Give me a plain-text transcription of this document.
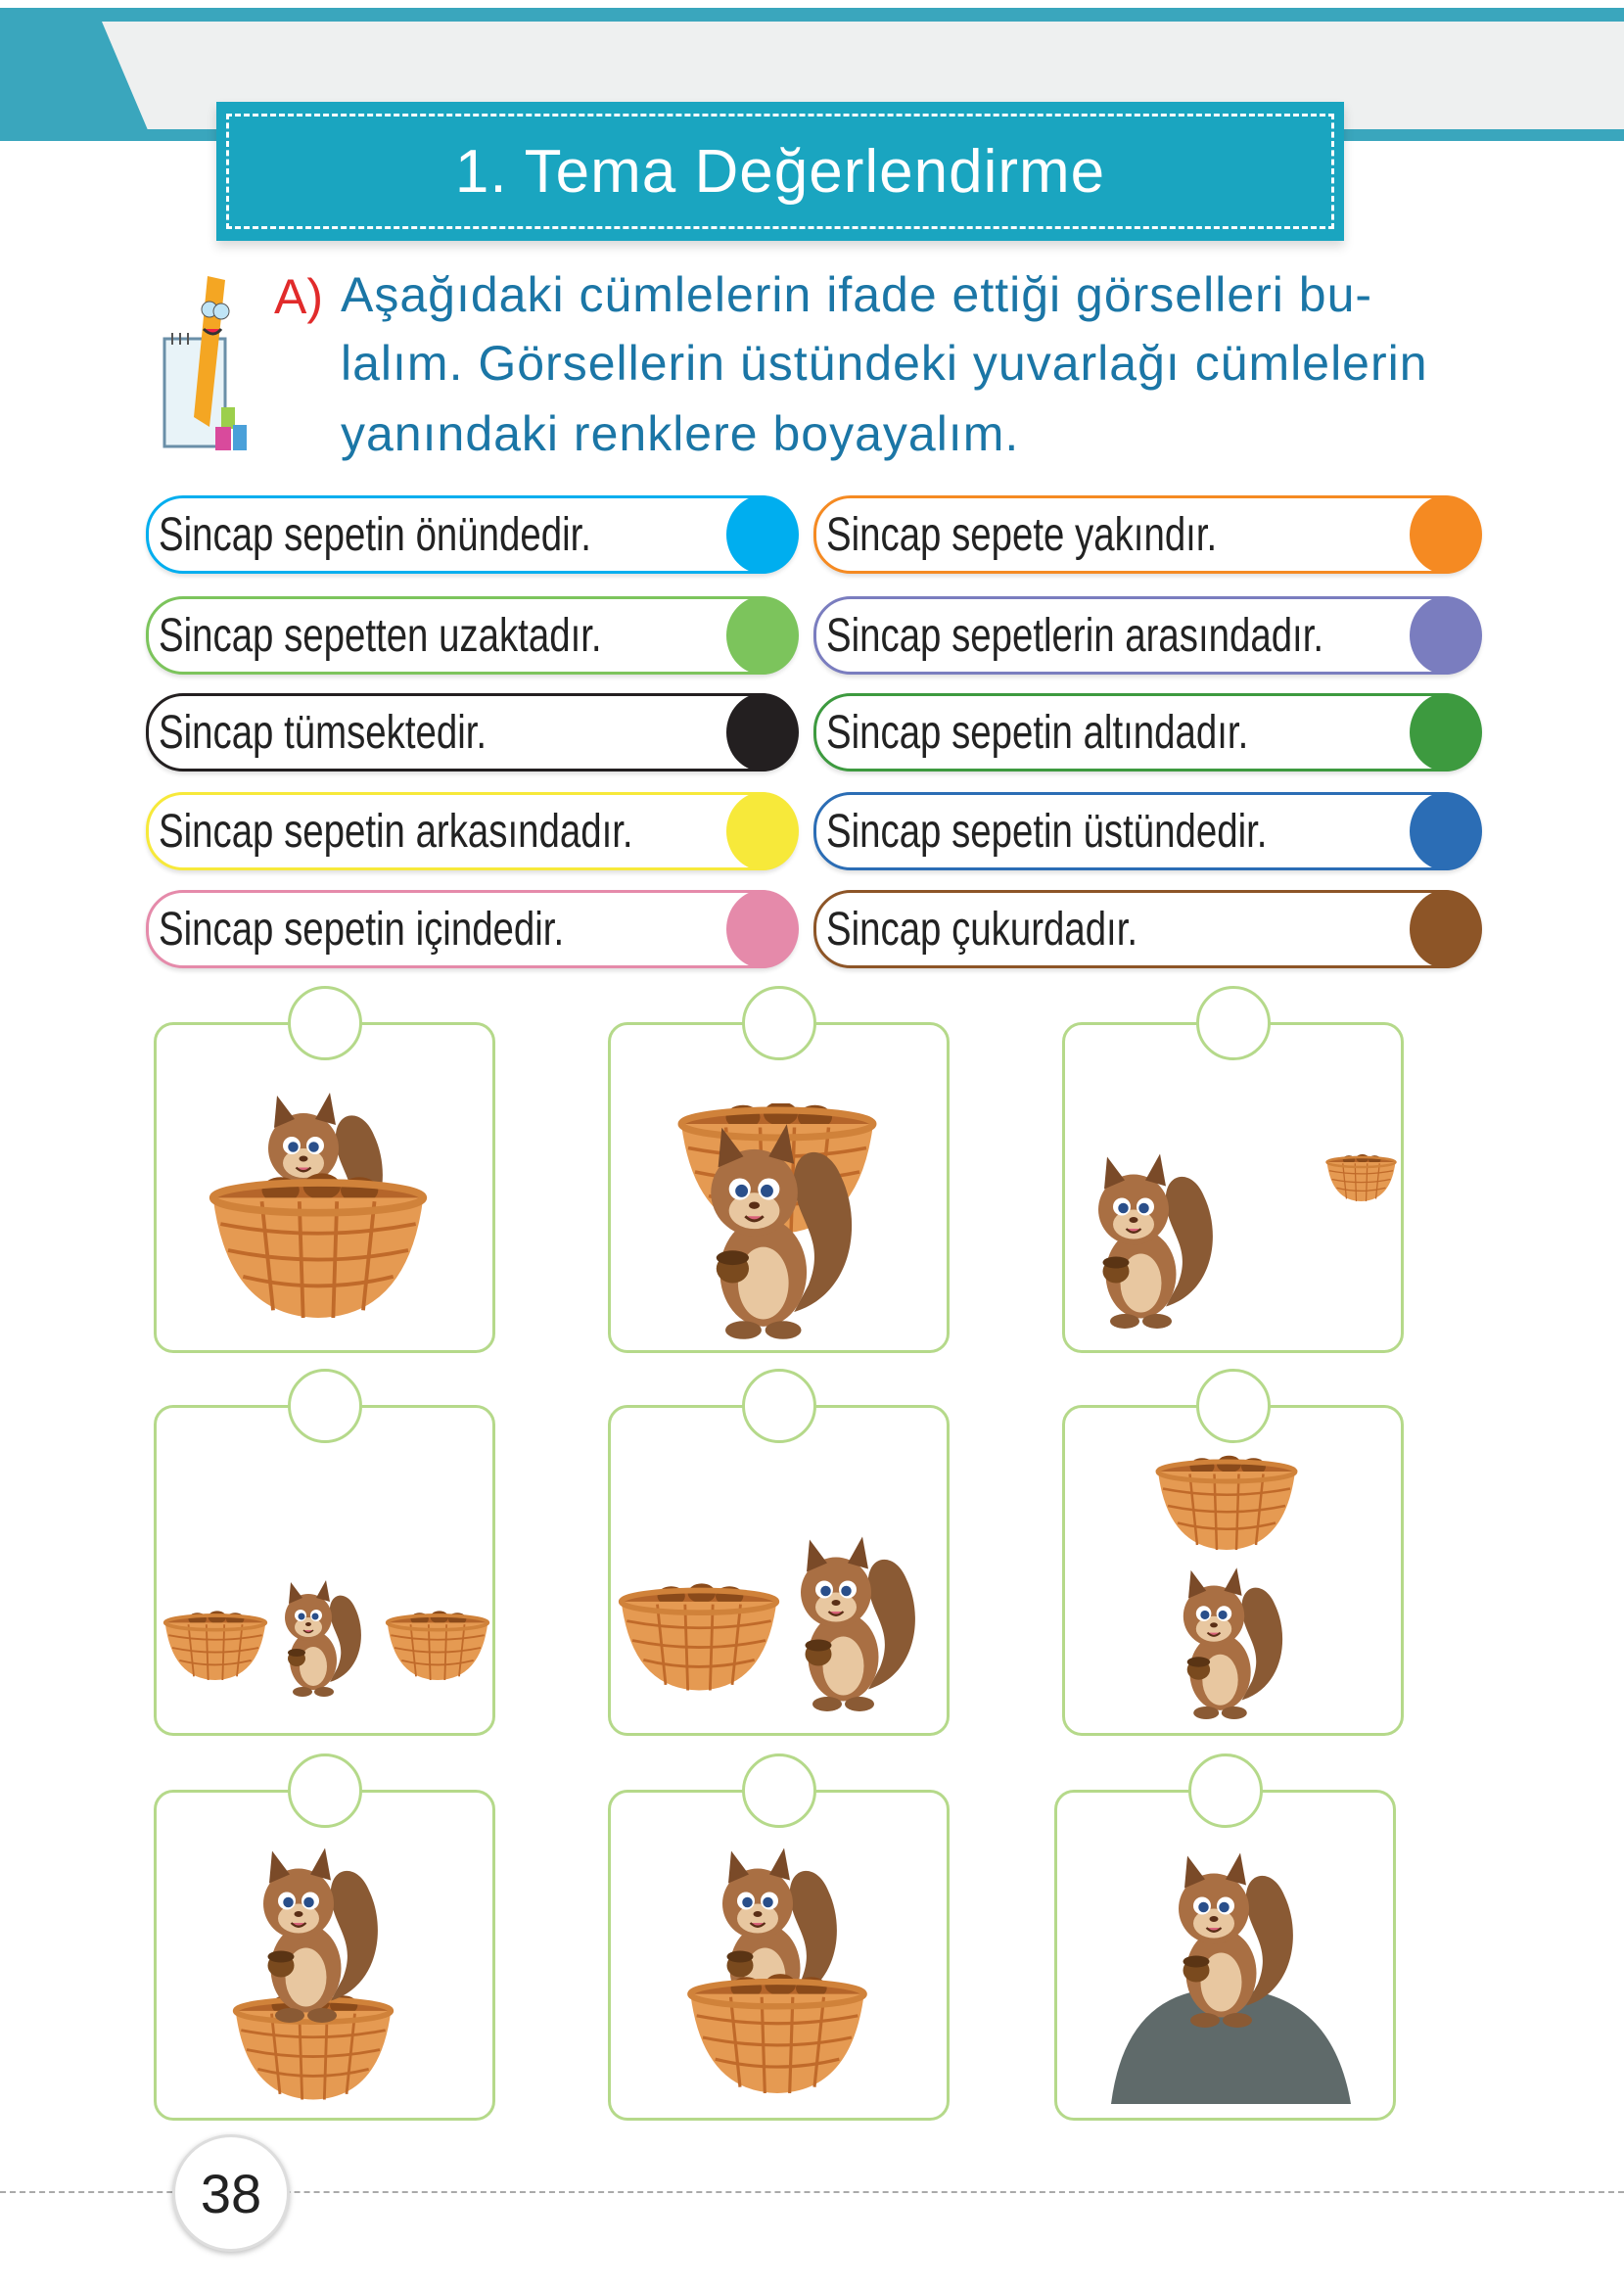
1. Tema Değerlendirme
A) Aşağıdaki cümlelerin ifade ettiği görselleri bu-
lalım. Görsellerin üstündeki yuvarlağı cümlelerin
yanındaki renklere boyayalım.
Sincap sepetin önündedir.	Sincap sepete yakındır.
Sincap sepetten uzaktadır.	Sincap sepetlerin arasındadır.
Sincap tümsektedir.	Sincap sepetin altındadır.
Sincap sepetin arkasındadır.	Sincap sepetin üstündedir.
Sincap sepetin içindedir.	Sincap çukurdadır.
38
